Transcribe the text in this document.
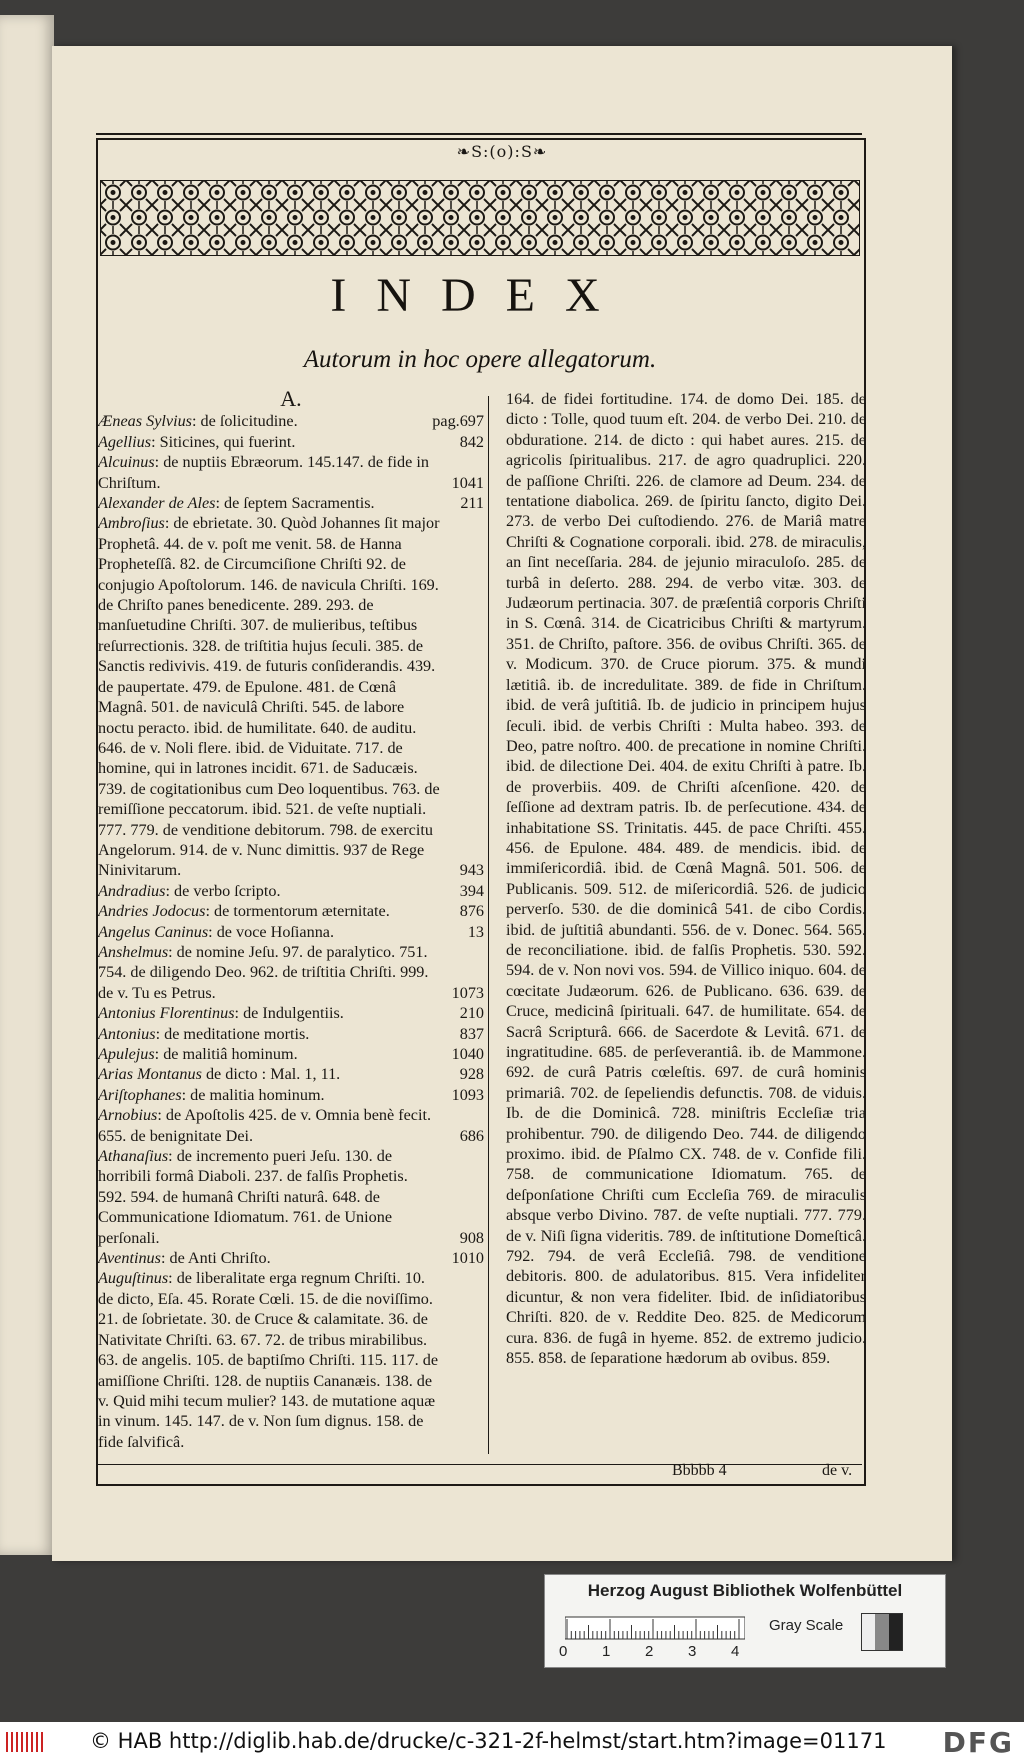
❧S:(o):S❧
INDEX
Autorum in hoc opere allegatorum.
A.
Æneas Sylvius: de ſolicitudine.	pag.697
Agellius: Siticines, qui fuerint.	842
Alcuinus: de nuptiis Ebræorum. 145.147. de fide in Chriſtum.	1041
Alexander de Ales: de ſeptem Sacramentis.	211
Ambroſius: de ebrietate. 30. Quòd Johannes ſit major Prophetâ. 44. de v. poſt me venit. 58. de Hanna Propheteſſâ. 82. de Circumciſione Chriſti 92. de conjugio Apoſtolorum. 146. de navicula Chriſti. 169. de Chriſto panes benedicente. 289. 293. de manſuetudine Chriſti. 307. de mulieribus, teſtibus reſurrectionis. 328. de triſtitia hujus ſeculi. 385. de Sanctis redivivis. 419. de futuris conſiderandis. 439. de paupertate. 479. de Epulone. 481. de Cœnâ Magnâ. 501. de naviculâ Chriſti. 545. de labore noctu peracto. ibid. de humilitate. 640. de auditu. 646. de v. Noli flere. ibid. de Viduitate. 717. de homine, qui in latrones incidit. 671. de Saducæis. 739. de cogitationibus cum Deo loquentibus. 763. de remiſſione peccatorum. ibid. 521. de veſte nuptiali. 777. 779. de venditione debitorum. 798. de exercitu Angelorum. 914. de v. Nunc dimittis. 937 de Rege Ninivitarum.	943
Andradius: de verbo ſcripto.	394
Andries Jodocus: de tormentorum æternitate.	876
Angelus Caninus: de voce Hoſianna.	13
Anshelmus: de nomine Jeſu. 97. de paralytico. 751. 754. de diligendo Deo. 962. de triſtitia Chriſti. 999. de v. Tu es Petrus.	1073
Antonius Florentinus: de Indulgentiis.	210
Antonius: de meditatione mortis.	837
Apulejus: de malitiâ hominum.	1040
Arias Montanus de dicto : Mal. 1, 11.	928
Ariſtophanes: de malitia hominum.	1093
Arnobius: de Apoſtolis 425. de v. Omnia benè fecit. 655. de benignitate Dei.	686
Athanaſius: de incremento pueri Jeſu. 130. de horribili formâ Diaboli. 237. de falſis Prophetis. 592. 594. de humanâ Chriſti naturâ. 648. de Communicatione Idiomatum. 761. de Unione perſonali.	908
Aventinus: de Anti Chriſto.	1010
Auguſtinus: de liberalitate erga regnum Chriſti. 10. de dicto, Eſa. 45. Rorate Cœli. 15. de die noviſſimo. 21. de ſobrietate. 30. de Cruce & calamitate. 36. de Nativitate Chriſti. 63. 67. 72. de tribus mirabilibus. 63. de angelis. 105. de baptiſmo Chriſti. 115. 117. de amiſſione Chriſti. 128. de nuptiis Cananæis. 138. de v. Quid mihi tecum mulier? 143. de mutatione aquæ in vinum. 145. 147. de v. Non ſum dignus. 158. de fide ſalvificâ.

164. de fidei fortitudine. 174. de domo Dei. 185. de dicto : Tolle, quod tuum eſt. 204. de verbo Dei. 210. de obduratione. 214. de dicto : qui habet aures. 215. de agricolis ſpiritualibus. 217. de agro quadruplici. 220. de paſſione Chriſti. 226. de clamore ad Deum. 234. de tentatione diabolica. 269. de ſpiritu ſancto, digito Dei. 273. de verbo Dei cuſtodiendo. 276. de Mariâ matre Chriſti & Cognatione corporali. ibid. 278. de miraculis, an ſint neceſſaria. 284. de jejunio miraculoſo. 285. de turbâ in deſerto. 288. 294. de verbo vitæ. 303. de Judæorum pertinacia. 307. de præſentiâ corporis Chriſti in S. Cœnâ. 314. de Cicatricibus Chriſti & martyrum. 351. de Chriſto, paſtore. 356. de ovibus Chriſti. 365. de v. Modicum. 370. de Cruce piorum. 375. & mundi lætitiâ. ib. de incredulitate. 389. de fide in Chriſtum. ibid. de verâ juſtitiâ. Ib. de judicio in principem hujus ſeculi. ibid. de verbis Chriſti : Multa habeo. 393. de Deo, patre noſtro. 400. de precatione in nomine Chriſti. ibid. de dilectione Dei. 404. de exitu Chriſti à patre. Ib. de proverbiis. 409. de Chriſti aſcenſione. 420. de ſeſſione ad dextram patris. Ib. de perſecutione. 434. de inhabitatione SS. Trinitatis. 445. de pace Chriſti. 455. 456. de Epulone. 484. 489. de mendicis. ibid. de immiſericordiâ. ibid. de Cœnâ Magnâ. 501. 506. de Publicanis. 509. 512. de miſericordiâ. 526. de judicio perverſo. 530. de die dominicâ 541. de cibo Cordis. ibid. de juſtitiâ abundanti. 556. de v. Donec. 564. 565. de reconciliatione. ibid. de falſis Prophetis. 530. 592. 594. de v. Non novi vos. 594. de Villico iniquo. 604. de cœcitate Judæorum. 626. de Publicano. 636. 639. de Cruce, medicinâ ſpirituali. 647. de humilitate. 654. de Sacrâ Scripturâ. 666. de Sacerdote & Levitâ. 671. de ingratitudine. 685. de perſeverantiâ. ib. de Mammone. 692. de curâ Patris cœleſtis. 697. de curâ hominis primariâ. 702. de ſepeliendis defunctis. 708. de viduis. Ib. de die Dominicâ. 728. miniſtris Eccleſiæ tria prohibentur. 790. de diligendo Deo. 744. de diligendo proximo. ibid. de Pſalmo CX. 748. de v. Confide fili. 758. de communicatione Idiomatum. 765. de deſponſatione Chriſti cum Eccleſia 769. de miraculis absque verbo Divino. 787. de veſte nuptiali. 777. 779. de v. Niſi ſigna videritis. 789. de inſtitutione Domeſticâ. 792. 794. de verâ Eccleſiâ. 798. de venditione debitoris. 800. de adulatoribus. 815. Vera infideliter dicuntur, & non vera fideliter. Ibid. de inſidiatoribus Chriſti. 820. de v. Reddite Deo. 825. de Medicorum cura. 836. de fugâ in hyeme. 852. de extremo judicio. 855. 858. de ſeparatione hædorum ab ovibus. 859.

Bbbbb 4	de v.
Herzog August Bibliothek Wolfenbüttel
0 1 2 3 4
Gray Scale
© HAB http://diglib.hab.de/drucke/c-321-2f-helmst/start.htm?image=01171 DFG
